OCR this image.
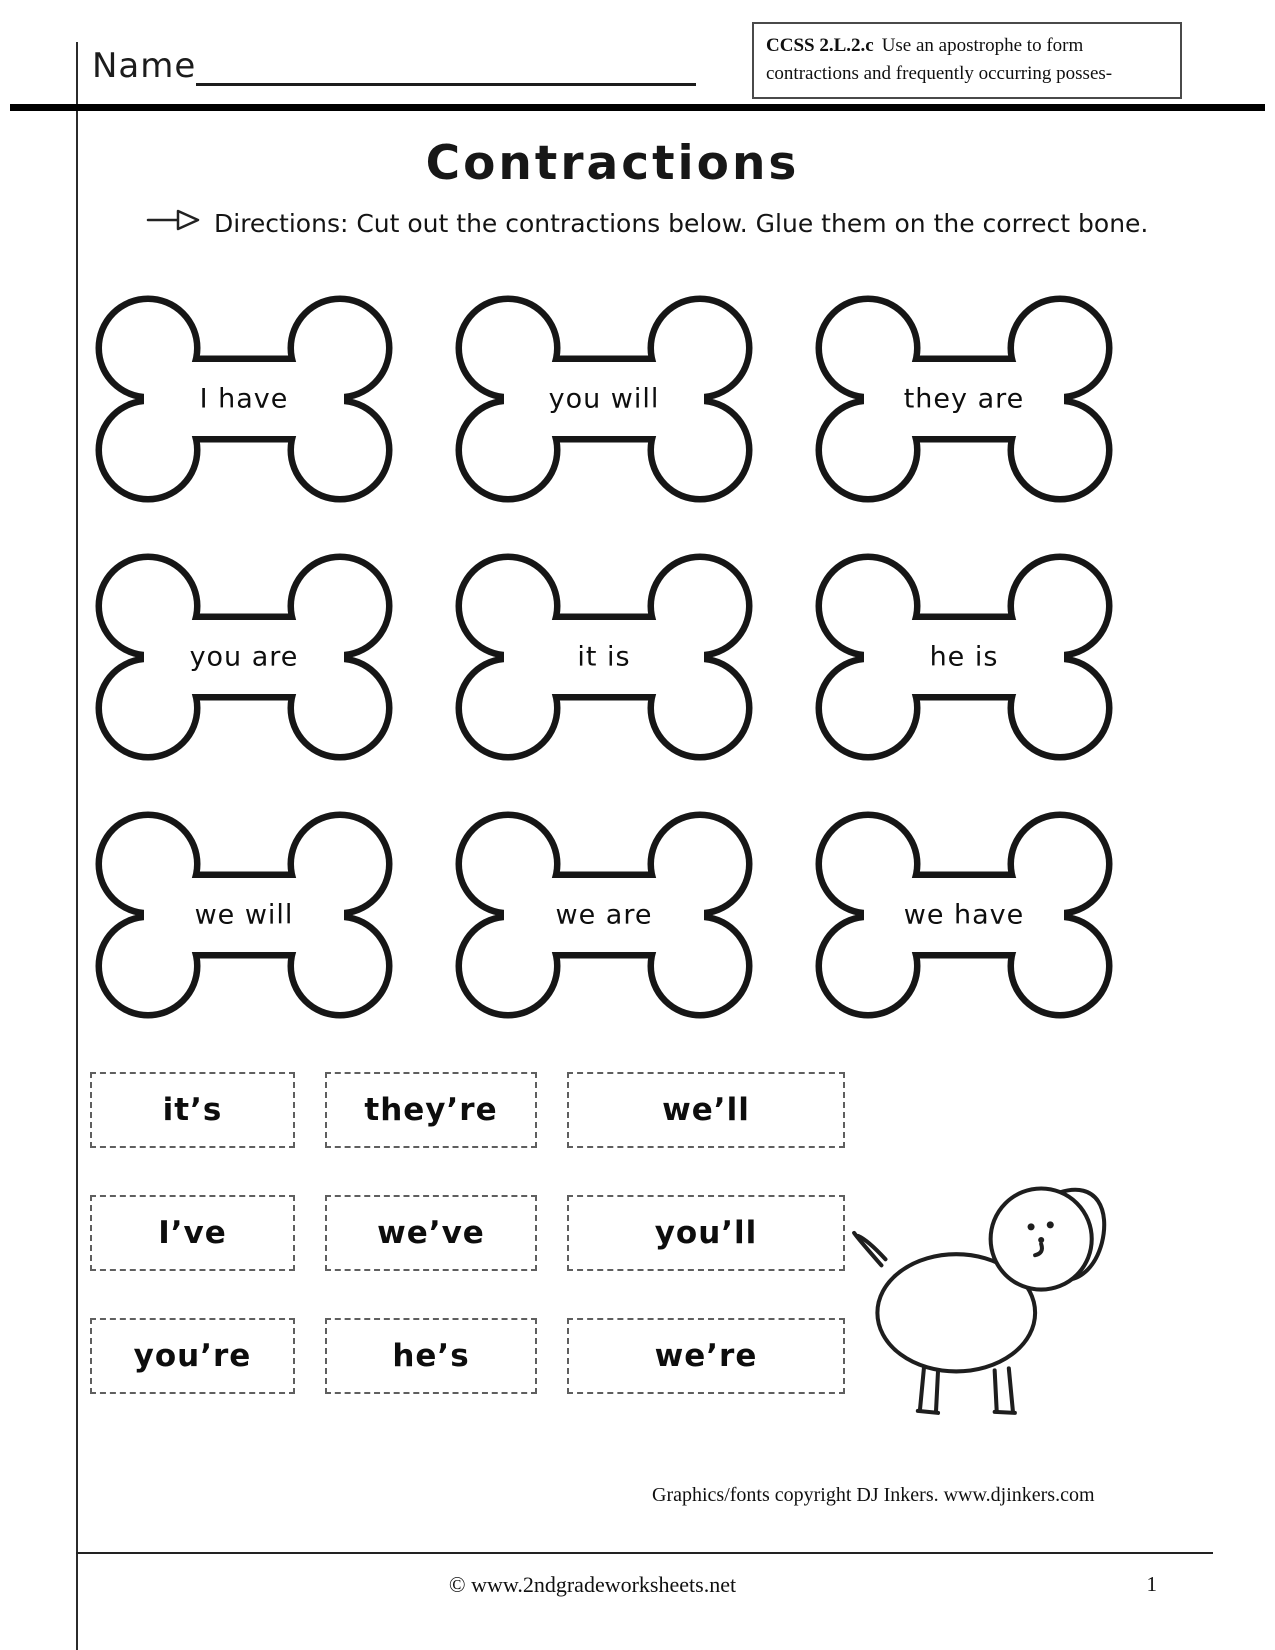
Name
CCSS 2.L.2.c Use an apostrophe to form contractions and frequently occurring posses-
Contractions
Directions: Cut out the contractions below. Glue them on the correct bone.
I have	you will	they are
you are	it is	he is
we will	we are	we have
it’s	they’re	we’ll
I’ve	we’ve	you’ll
you’re	he’s	we’re
Graphics/fonts copyright DJ Inkers. www.djinkers.com
© www.2ndgradeworksheets.net	1
